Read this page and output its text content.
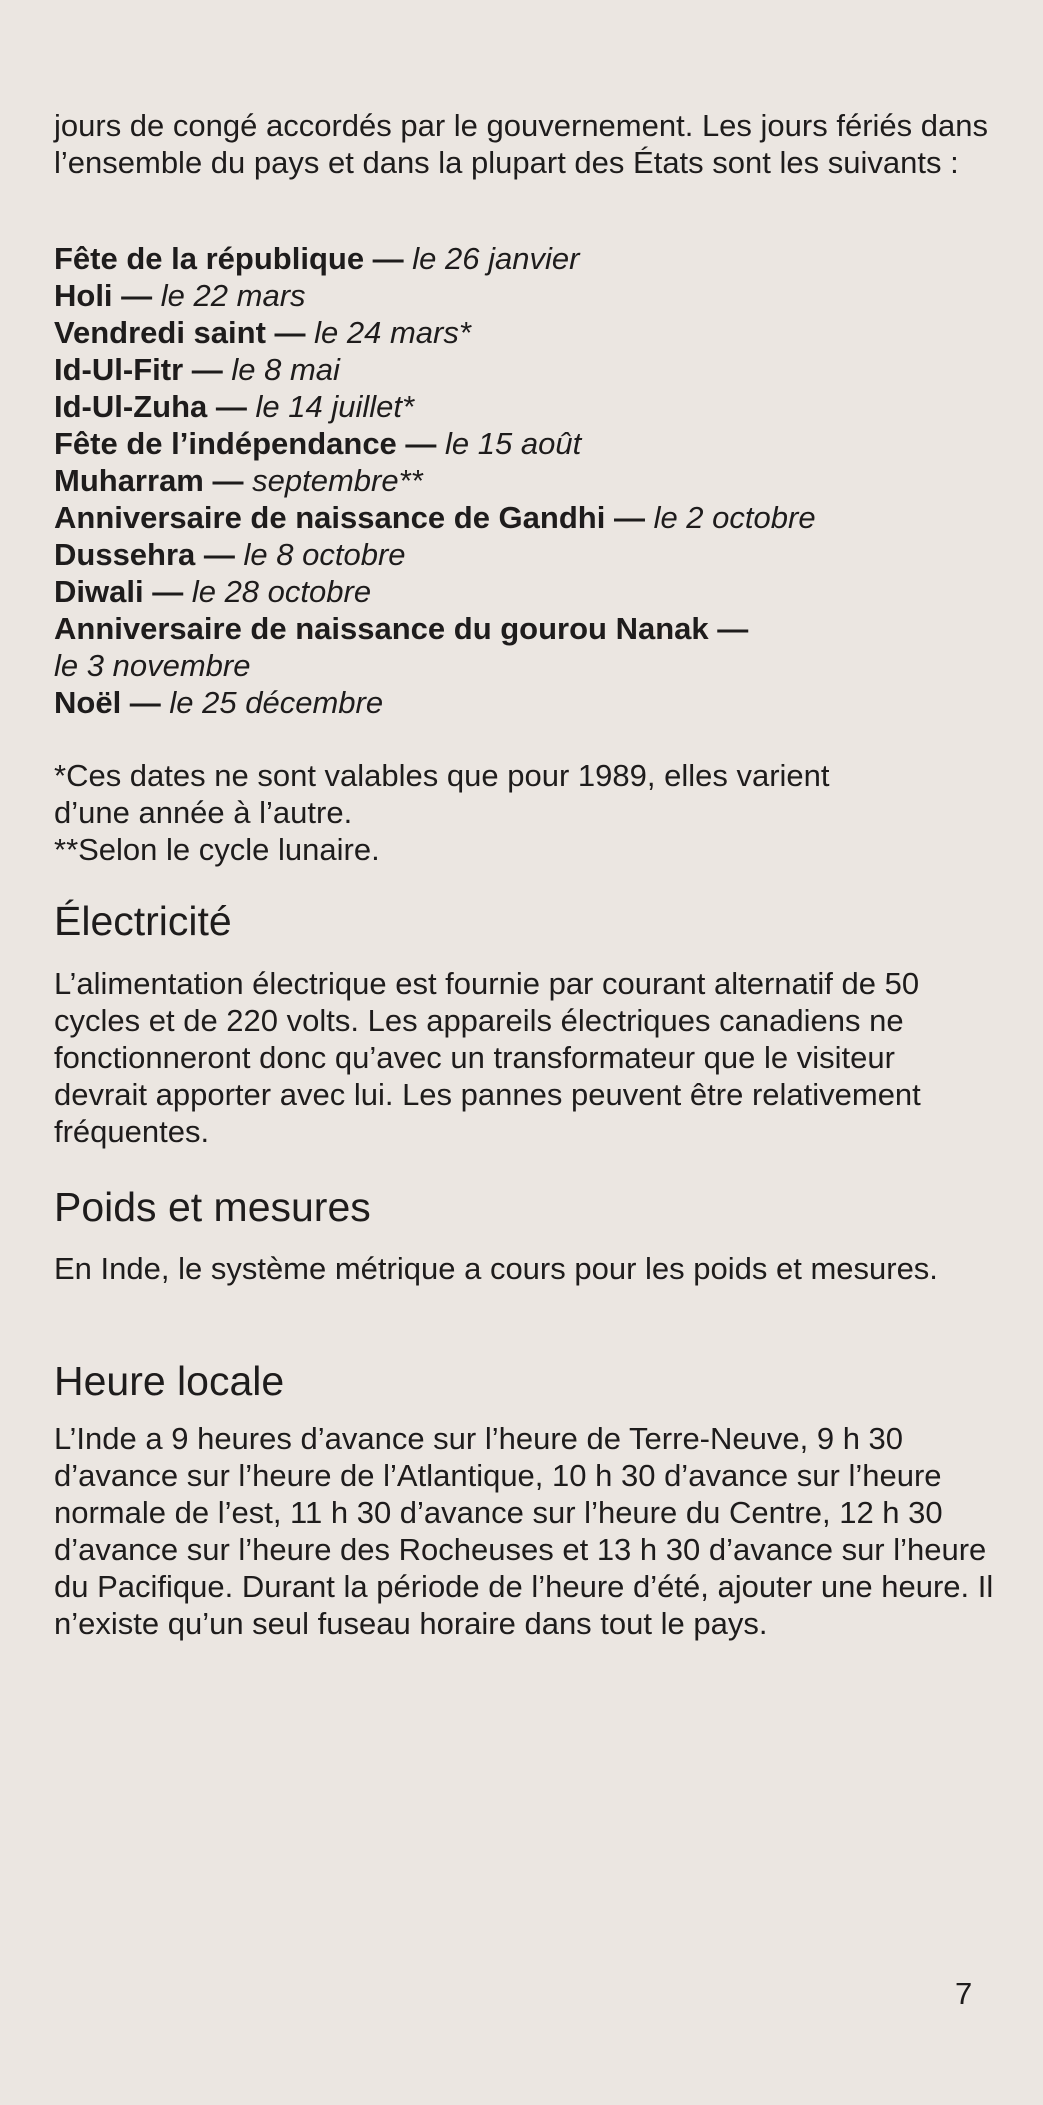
jours de congé accordés par le gouvernement. Les jours fériés dans l’ensemble du pays et dans la plupart des États sont les suivants :

Fête de la république — le 26 janvier
Holi — le 22 mars
Vendredi saint — le 24 mars*
Id-Ul-Fitr — le 8 mai
Id-Ul-Zuha — le 14 juillet*
Fête de l’indépendance — le 15 août
Muharram — septembre**
Anniversaire de naissance de Gandhi — le 2 octobre
Dussehra — le 8 octobre
Diwali — le 28 octobre
Anniversaire de naissance du gourou Nanak —
le 3 novembre
Noël — le 25 décembre
*Ces dates ne sont valables que pour 1989, elles varient
d’une année à l’autre.
**Selon le cycle lunaire.
Électricité

L’alimentation électrique est fournie par courant alternatif de 50 cycles et de 220 volts. Les appareils électriques canadiens ne fonctionneront donc qu’avec un transformateur que le visiteur devrait apporter avec lui. Les pannes peuvent être relativement fréquentes.

Poids et mesures

En Inde, le système métrique a cours pour les poids et mesures.

Heure locale

L’Inde a 9 heures d’avance sur l’heure de Terre-Neuve, 9 h 30 d’avance sur l’heure de l’Atlantique, 10 h 30 d’avance sur l’heure normale de l’est, 11 h 30 d’avance sur l’heure du Centre, 12 h 30 d’avance sur l’heure des Rocheuses et 13 h 30 d’avance sur l’heure du Pacifique. Durant la période de l’heure d’été, ajouter une heure. Il n’existe qu’un seul fuseau horaire dans tout le pays.

7
